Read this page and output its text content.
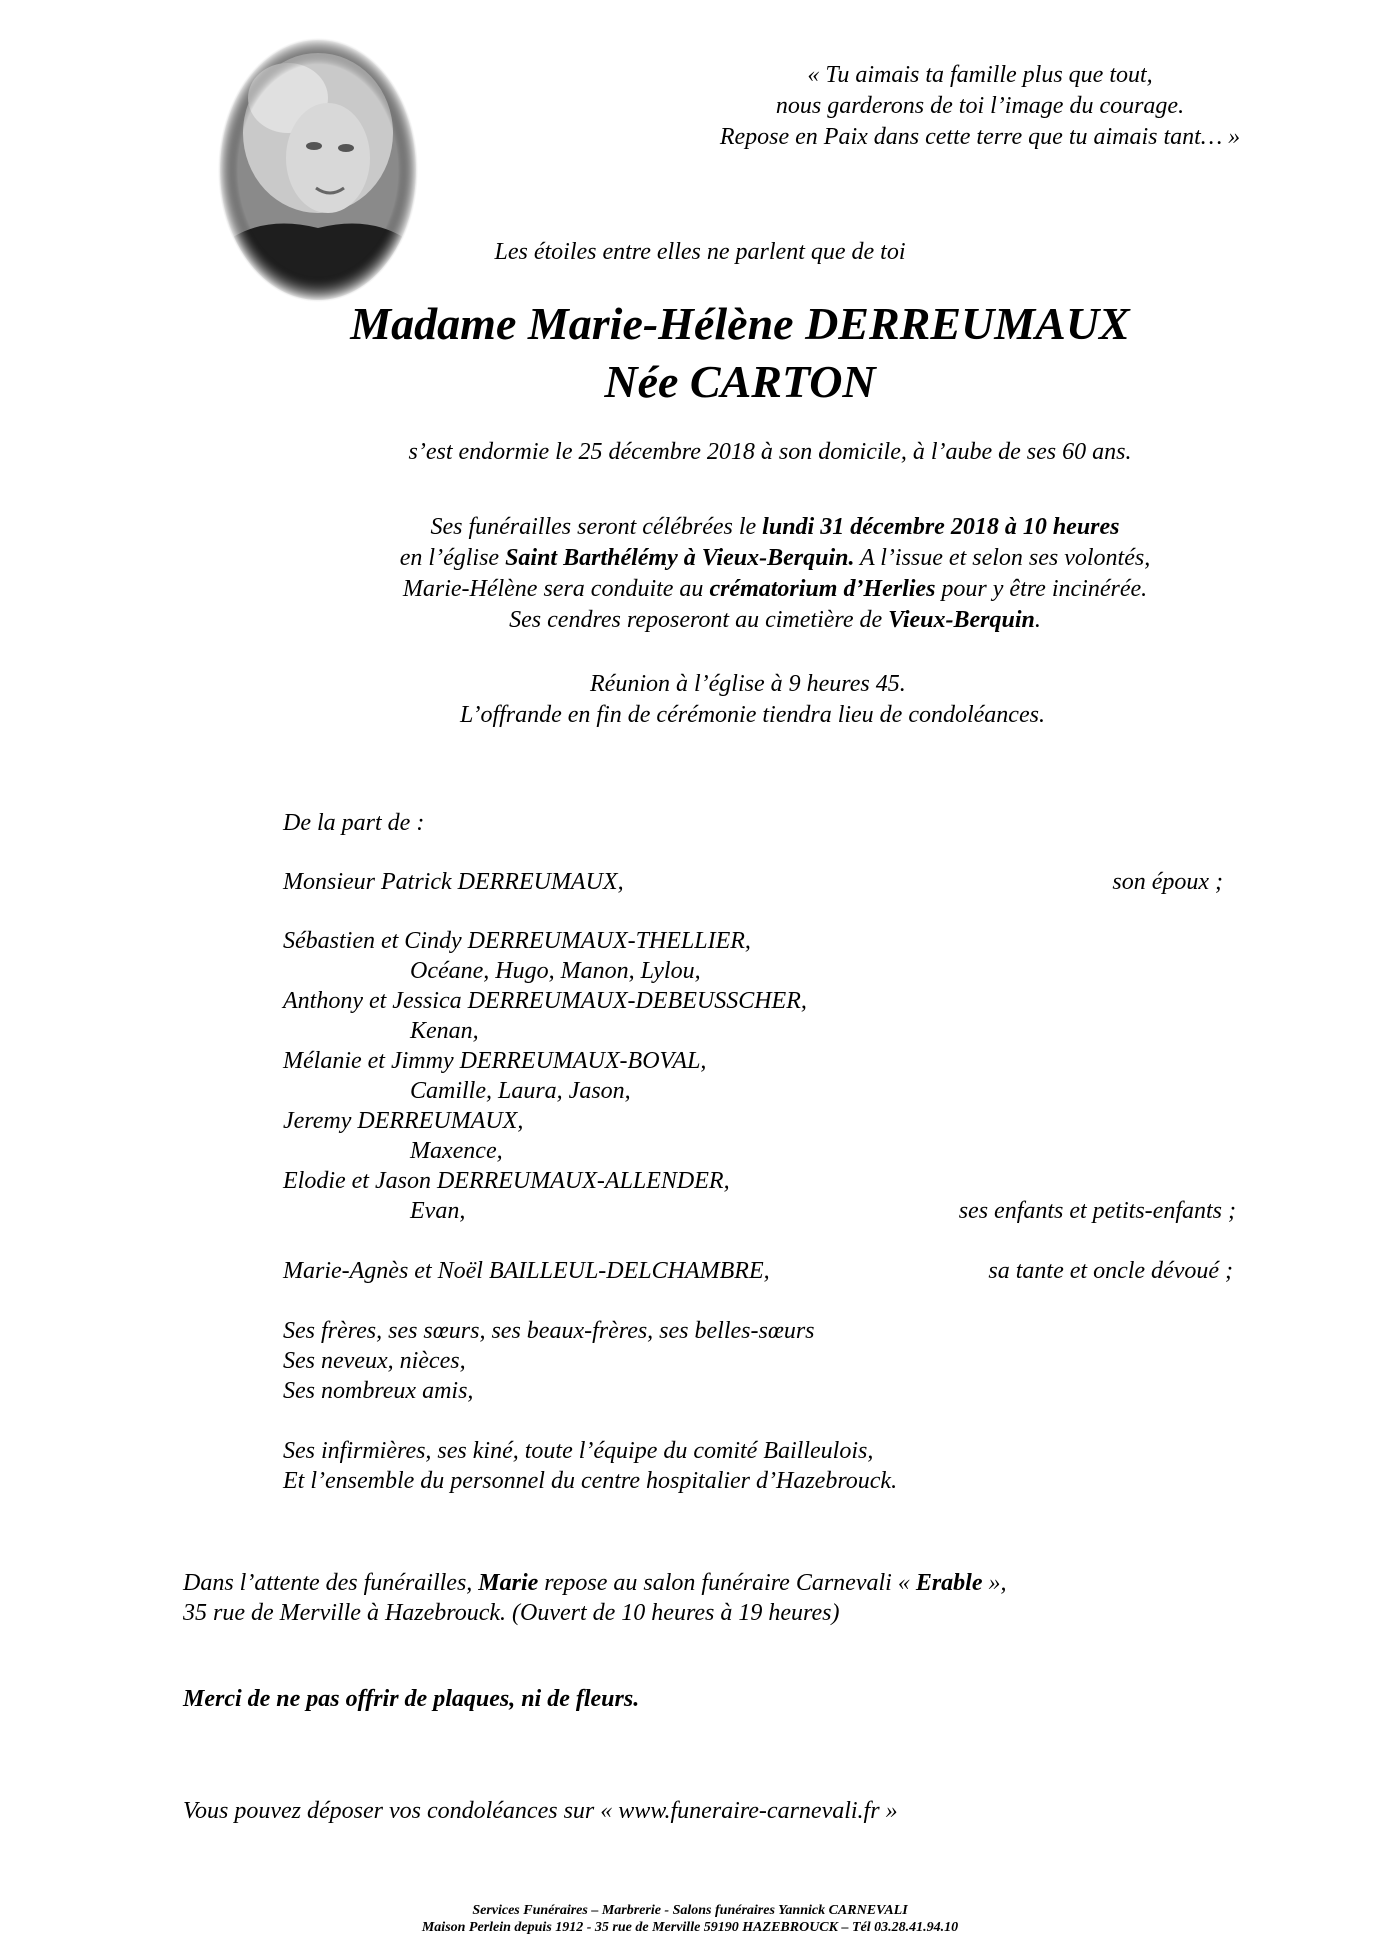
« Tu aimais ta famille plus que tout,
nous garderons de toi l’image du courage.
Repose en Paix dans cette terre que tu aimais tant… »
Les étoiles entre elles ne parlent que de toi
Madame Marie-Hélène DERREUMAUX
Née CARTON
s’est endormie le 25 décembre 2018 à son domicile, à l’aube de ses 60 ans.
Ses funérailles seront célébrées le lundi 31 décembre 2018 à 10 heures
en l’église Saint Barthélémy à Vieux-Berquin. A l’issue et selon ses volontés,
Marie-Hélène sera conduite au crématorium d’Herlies pour y être incinérée.
Ses cendres reposeront au cimetière de Vieux-Berquin.
Réunion à l’église à 9 heures 45.
L’offrande en fin de cérémonie tiendra lieu de condoléances.
De la part de :
Monsieur Patrick DERREUMAUX,	son époux ;
Sébastien et Cindy DERREUMAUX-THELLIER,
Océane, Hugo, Manon, Lylou,
Anthony et Jessica DERREUMAUX-DEBEUSSCHER,
Kenan,
Mélanie et Jimmy DERREUMAUX-BOVAL,
Camille, Laura, Jason,
Jeremy DERREUMAUX,
Maxence,
Elodie et Jason DERREUMAUX-ALLENDER,
Evan,	ses enfants et petits-enfants ;
Marie-Agnès et Noël BAILLEUL-DELCHAMBRE,	sa tante et oncle dévoué ;
Ses frères, ses sœurs, ses beaux-frères, ses belles-sœurs
Ses neveux, nièces,
Ses nombreux amis,
Ses infirmières, ses kiné, toute l’équipe du comité Bailleulois,
Et l’ensemble du personnel du centre hospitalier d’Hazebrouck.
Dans l’attente des funérailles, Marie repose au salon funéraire Carnevali « Erable »,
35 rue de Merville à Hazebrouck. (Ouvert de 10 heures à 19 heures)
Merci de ne pas offrir de plaques, ni de fleurs.
Vous pouvez déposer vos condoléances sur « www.funeraire-carnevali.fr »
Services Funéraires – Marbrerie - Salons funéraires Yannick CARNEVALI
Maison Perlein depuis 1912 - 35 rue de Merville 59190 HAZEBROUCK – Tél 03.28.41.94.10
